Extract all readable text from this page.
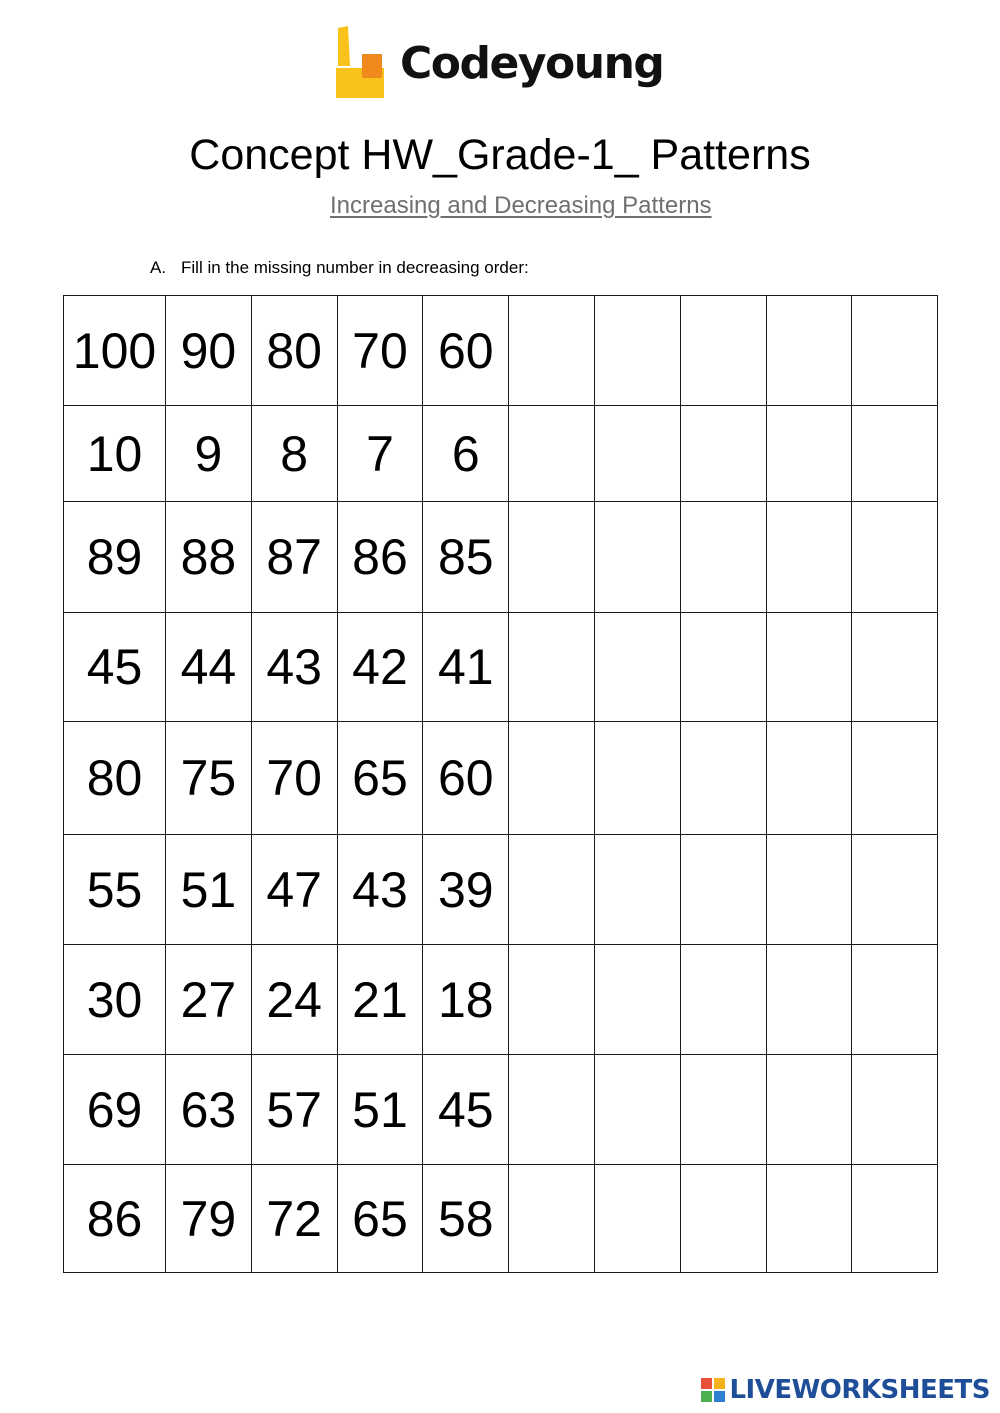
Codeyoung
Concept HW_Grade-1_ Patterns
Increasing and Decreasing Patterns
A. Fill in the missing number in decreasing order:
100	90	80	70	60					
10	9	8	7	6					
89	88	87	86	85					
45	44	43	42	41					
80	75	70	65	60					
55	51	47	43	39					
30	27	24	21	18					
69	63	57	51	45					
86	79	72	65	58					
LIVEWORKSHEETS
